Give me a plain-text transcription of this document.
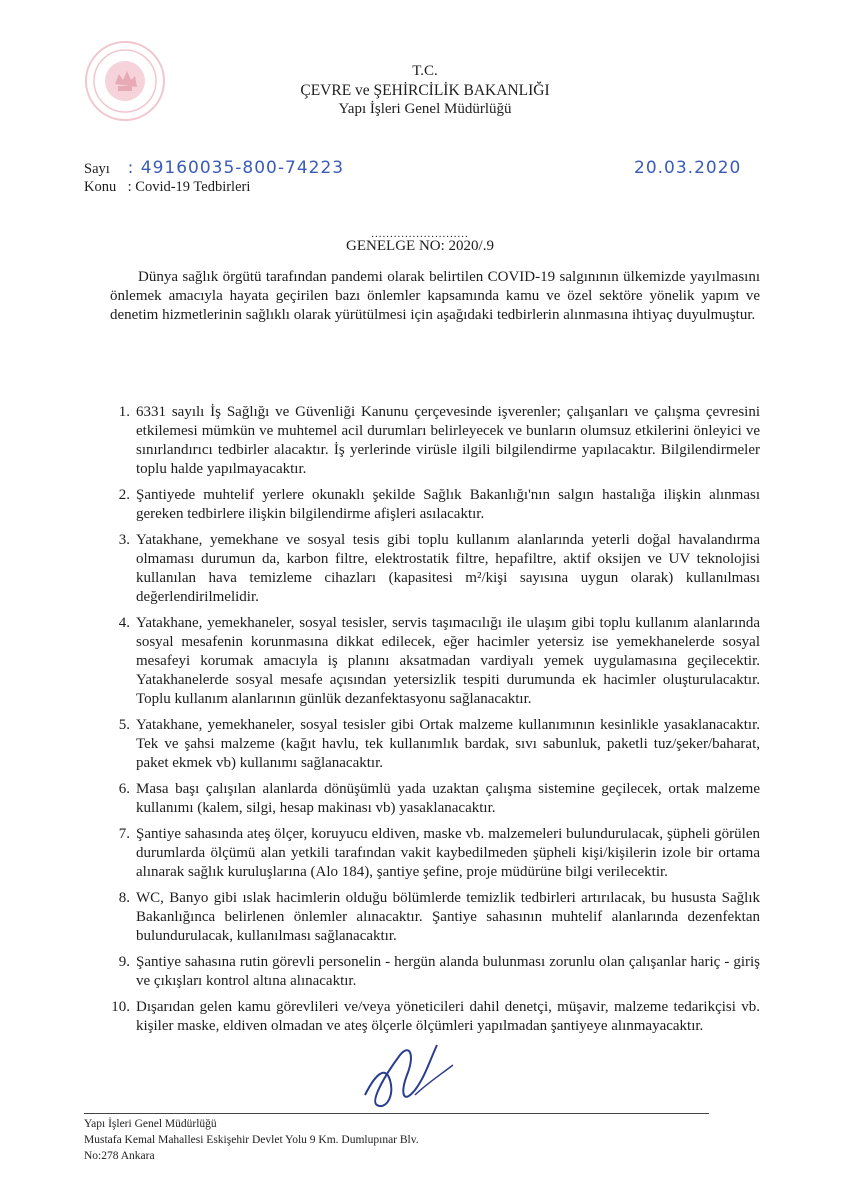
T.C.
ÇEVRE ve ŞEHİRCİLİK BAKANLIĞI
Yapı İşleri Genel Müdürlüğü
Sayı : 49160035-800-74223
Konu : Covid-19 Tedbirleri
20.03.2020
..........................
GENELGE NO: 2020/.9
Dünya sağlık örgütü tarafından pandemi olarak belirtilen COVID-19 salgınının ülkemizde yayılmasını önlemek amacıyla hayata geçirilen bazı önlemler kapsamında kamu ve özel sektöre yönelik yapım ve denetim hizmetlerinin sağlıklı olarak yürütülmesi için aşağıdaki tedbirlerin alınmasına ihtiyaç duyulmuştur.
1. 6331 sayılı İş Sağlığı ve Güvenliği Kanunu çerçevesinde işverenler; çalışanları ve çalışma çevresini etkilemesi mümkün ve muhtemel acil durumları belirleyecek ve bunların olumsuz etkilerini önleyici ve sınırlandırıcı tedbirler alacaktır. İş yerlerinde virüsle ilgili bilgilendirme yapılacaktır. Bilgilendirmeler toplu halde yapılmayacaktır.
2. Şantiyede muhtelif yerlere okunaklı şekilde Sağlık Bakanlığı'nın salgın hastalığa ilişkin alınması gereken tedbirlere ilişkin bilgilendirme afişleri asılacaktır.
3. Yatakhane, yemekhane ve sosyal tesis gibi toplu kullanım alanlarında yeterli doğal havalandırma olmaması durumun da, karbon filtre, elektrostatik filtre, hepafiltre, aktif oksijen ve UV teknolojisi kullanılan hava temizleme cihazları (kapasitesi m²/kişi sayısına uygun olarak) kullanılması değerlendirilmelidir.
4. Yatakhane, yemekhaneler, sosyal tesisler, servis taşımacılığı ile ulaşım gibi toplu kullanım alanlarında sosyal mesafenin korunmasına dikkat edilecek, eğer hacimler yetersiz ise yemekhanelerde sosyal mesafeyi korumak amacıyla iş planını aksatmadan vardiyalı yemek uygulamasına geçilecektir. Yatakhanelerde sosyal mesafe açısından yetersizlik tespiti durumunda ek hacimler oluşturulacaktır. Toplu kullanım alanlarının günlük dezanfektasyonu sağlanacaktır.
5. Yatakhane, yemekhaneler, sosyal tesisler gibi Ortak malzeme kullanımının kesinlikle yasaklanacaktır. Tek ve şahsi malzeme (kağıt havlu, tek kullanımlık bardak, sıvı sabunluk, paketli tuz/şeker/baharat, paket ekmek vb) kullanımı sağlanacaktır.
6. Masa başı çalışılan alanlarda dönüşümlü yada uzaktan çalışma sistemine geçilecek, ortak malzeme kullanımı (kalem, silgi, hesap makinası vb) yasaklanacaktır.
7. Şantiye sahasında ateş ölçer, koruyucu eldiven, maske vb. malzemeleri bulundurulacak, şüpheli görülen durumlarda ölçümü alan yetkili tarafından vakit kaybedilmeden şüpheli kişi/kişilerin izole bir ortama alınarak sağlık kuruluşlarına (Alo 184), şantiye şefine, proje müdürüne bilgi verilecektir.
8. WC, Banyo gibi ıslak hacimlerin olduğu bölümlerde temizlik tedbirleri artırılacak, bu hususta Sağlık Bakanlığınca belirlenen önlemler alınacaktır. Şantiye sahasının muhtelif alanlarında dezenfektan bulundurulacak, kullanılması sağlanacaktır.
9. Şantiye sahasına rutin görevli personelin - hergün alanda bulunması zorunlu olan çalışanlar hariç - giriş ve çıkışları kontrol altına alınacaktır.
10. Dışarıdan gelen kamu görevlileri ve/veya yöneticileri dahil denetçi, müşavir, malzeme tedarikçisi vb. kişiler maske, eldiven olmadan ve ateş ölçerle ölçümleri yapılmadan şantiyeye alınmayacaktır.
Yapı İşleri Genel Müdürlüğü
Mustafa Kemal Mahallesi Eskişehir Devlet Yolu 9 Km. Dumlupınar Blv.
No:278 Ankara
